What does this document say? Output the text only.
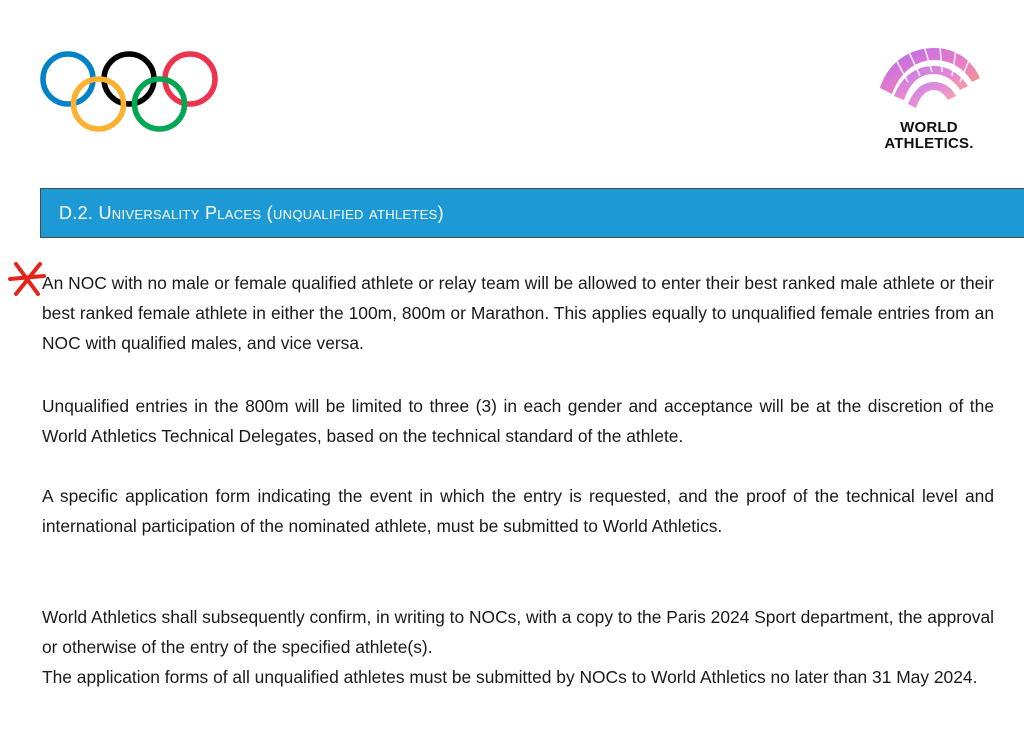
WORLD
ATHLETICS.
D.2. Universality Places (unqualified athletes)

An NOC with no male or female qualified athlete or relay team will be allowed to enter their best ranked male athlete or their best ranked female athlete in either the 100m, 800m or Marathon. This applies equally to unqualified female entries from an NOC with qualified males, and vice versa.

Unqualified entries in the 800m will be limited to three (3) in each gender and acceptance will be at the discretion of the World Athletics Technical Delegates, based on the technical standard of the athlete.

A specific application form indicating the event in which the entry is requested, and the proof of the technical level and international participation of the nominated athlete, must be submitted to World Athletics.

World Athletics shall subsequently confirm, in writing to NOCs, with a copy to the Paris 2024 Sport department, the approval or otherwise of the entry of the specified athlete(s).

The application forms of all unqualified athletes must be submitted by NOCs to World Athletics no later than 31 May 2024.
